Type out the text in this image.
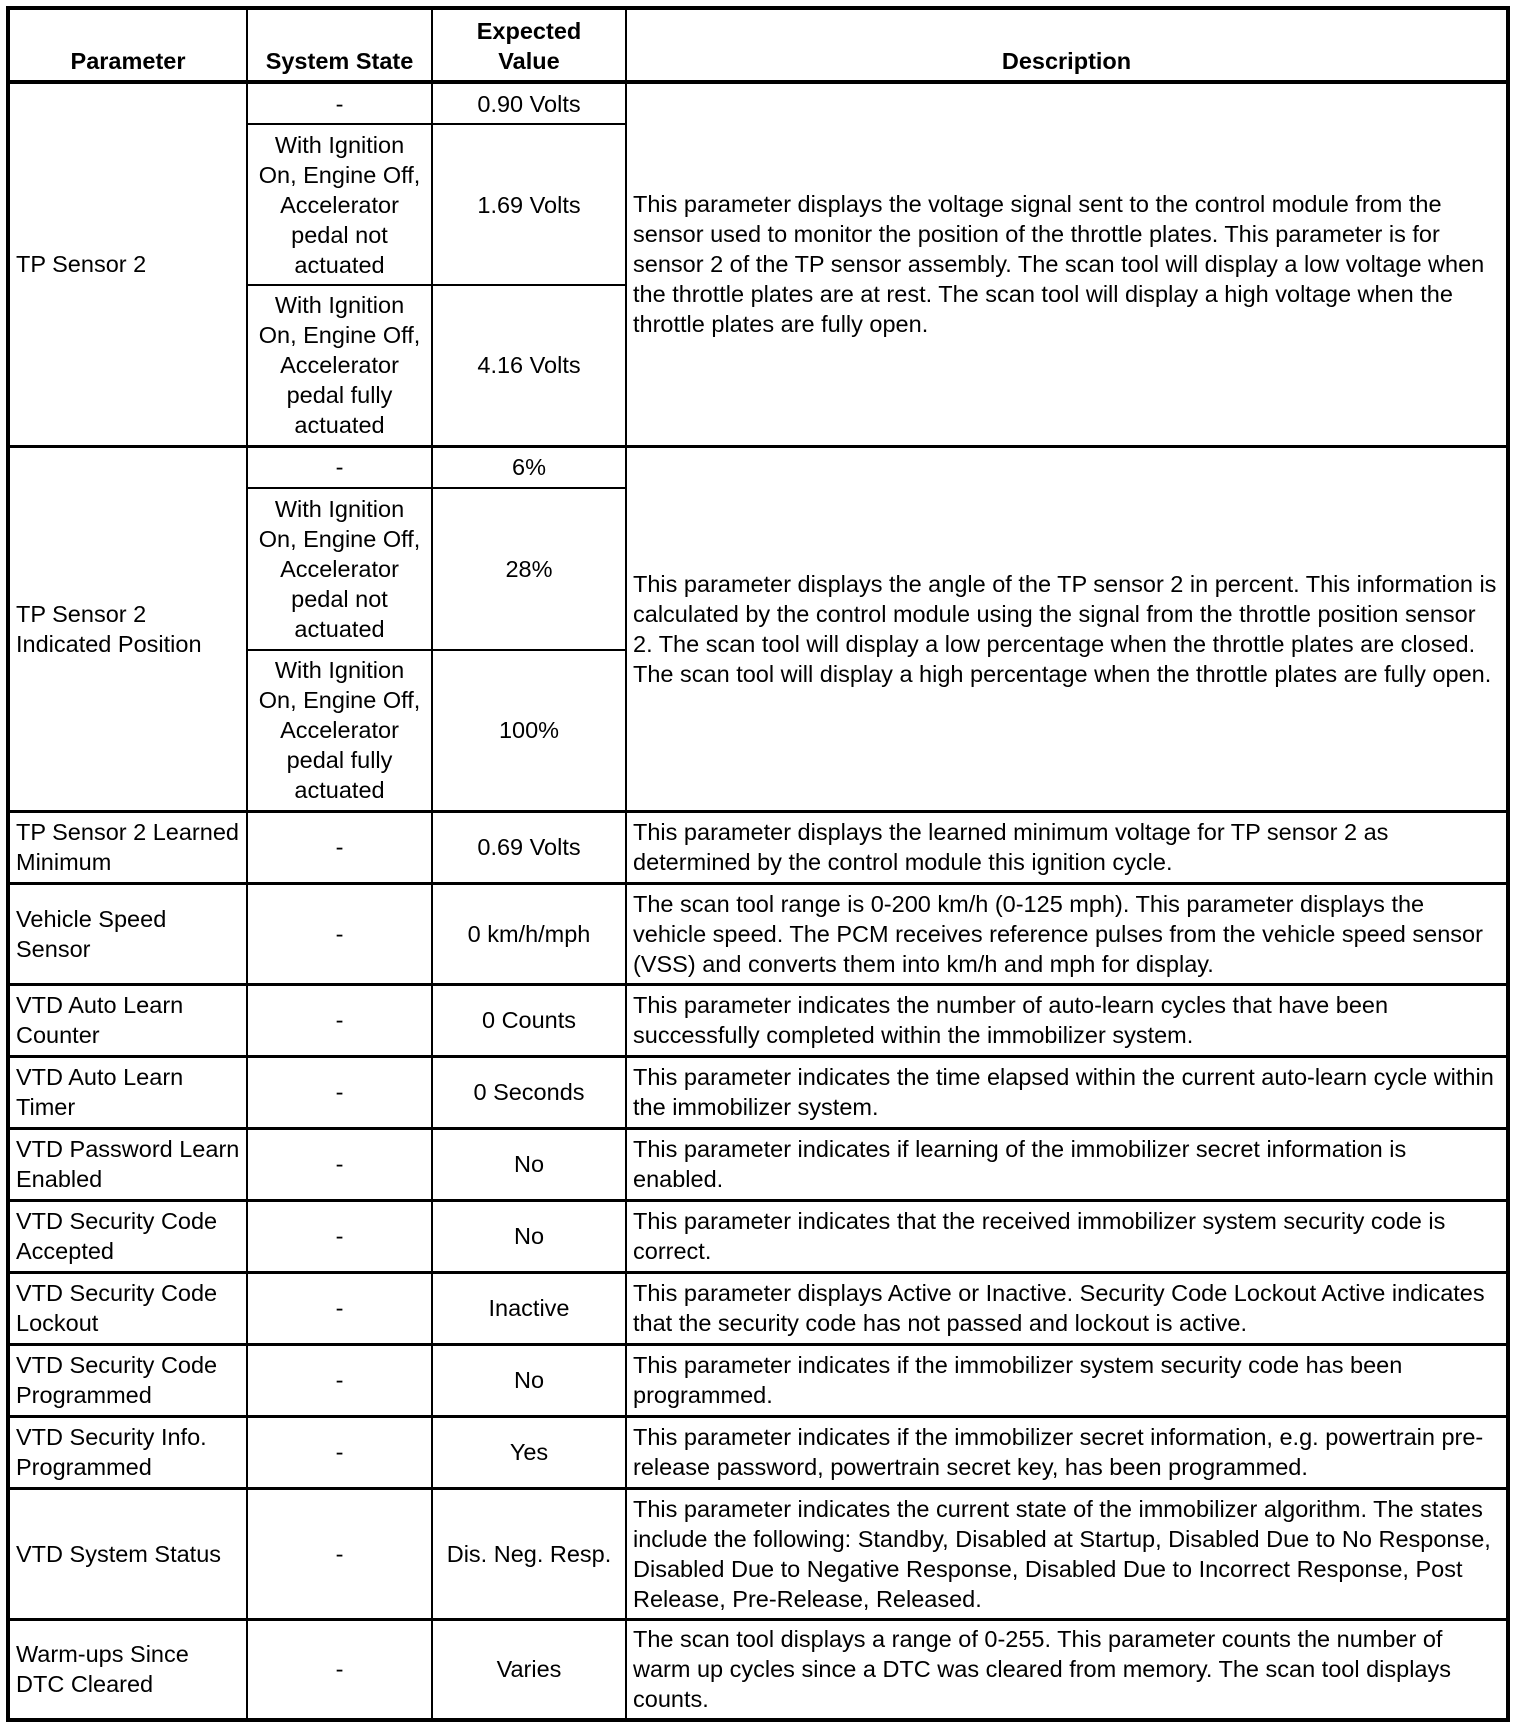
Parameter	System State	Expected Value	Description
TP Sensor 2	-	0.90 Volts	This parameter displays the voltage signal sent to the control module from the sensor used to monitor the position of the throttle plates. This parameter is for sensor 2 of the TP sensor assembly. The scan tool will display a low voltage when the throttle plates are at rest. The scan tool will display a high voltage when the throttle plates are fully open.
	With Ignition On, Engine Off, Accelerator pedal not actuated	1.69 Volts	
	With Ignition On, Engine Off, Accelerator pedal fully actuated	4.16 Volts	
TP Sensor 2 Indicated Position	-	6%	This parameter displays the angle of the TP sensor 2 in percent. This information is calculated by the control module using the signal from the throttle position sensor 2. The scan tool will display a low percentage when the throttle plates are closed. The scan tool will display a high percentage when the throttle plates are fully open.
	With Ignition On, Engine Off, Accelerator pedal not actuated	28%	
	With Ignition On, Engine Off, Accelerator pedal fully actuated	100%	
TP Sensor 2 Learned Minimum	-	0.69 Volts	This parameter displays the learned minimum voltage for TP sensor 2 as determined by the control module this ignition cycle.
Vehicle Speed Sensor	-	0 km/h/mph	The scan tool range is 0-200 km/h (0-125 mph). This parameter displays the vehicle speed. The PCM receives reference pulses from the vehicle speed sensor (VSS) and converts them into km/h and mph for display.
VTD Auto Learn Counter	-	0 Counts	This parameter indicates the number of auto-learn cycles that have been successfully completed within the immobilizer system.
VTD Auto Learn Timer	-	0 Seconds	This parameter indicates the time elapsed within the current auto-learn cycle within the immobilizer system.
VTD Password Learn Enabled	-	No	This parameter indicates if learning of the immobilizer secret information is enabled.
VTD Security Code Accepted	-	No	This parameter indicates that the received immobilizer system security code is correct.
VTD Security Code Lockout	-	Inactive	This parameter displays Active or Inactive. Security Code Lockout Active indicates that the security code has not passed and lockout is active.
VTD Security Code Programmed	-	No	This parameter indicates if the immobilizer system security code has been programmed.
VTD Security Info. Programmed	-	Yes	This parameter indicates if the immobilizer secret information, e.g. powertrain pre-release password, powertrain secret key, has been programmed.
VTD System Status	-	Dis. Neg. Resp.	This parameter indicates the current state of the immobilizer algorithm. The states include the following: Standby, Disabled at Startup, Disabled Due to No Response, Disabled Due to Negative Response, Disabled Due to Incorrect Response, Post Release, Pre-Release, Released.
Warm-ups Since DTC Cleared	-	Varies	The scan tool displays a range of 0-255. This parameter counts the number of warm up cycles since a DTC was cleared from memory. The scan tool displays counts.
